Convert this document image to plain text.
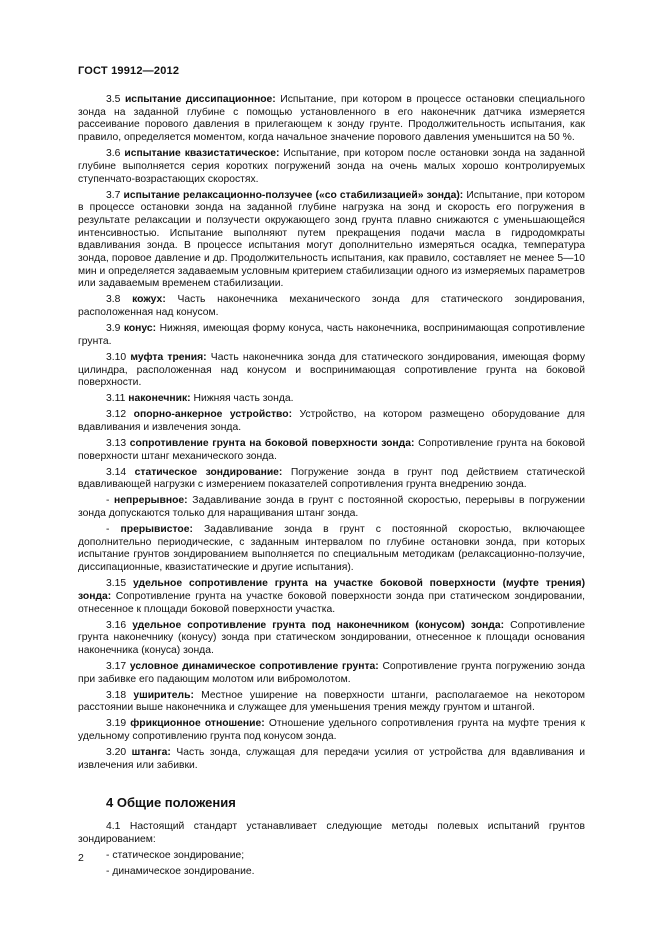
ГОСТ 19912—2012

3.5 испытание диссипационное: Испытание, при котором в процессе остановки специального зонда на заданной глубине с помощью установленного в его наконечник датчика измеряется рассеивание порового давления в прилегающем к зонду грунте. Продолжительность испытания, как правило, определяется моментом, когда начальное значение порового давления уменьшится на 50 %.

3.6 испытание квазистатическое: Испытание, при котором после остановки зонда на заданной глубине выполняется серия коротких погружений зонда на очень малых хорошо контролируемых ступенчато-возрастающих скоростях.

3.7 испытание релаксационно-ползучее («со стабилизацией» зонда): Испытание, при котором в процессе остановки зонда на заданной глубине нагрузка на зонд и скорость его погружения в результате релаксации и ползучести окружающего зонд грунта плавно снижаются с уменьшающейся интенсивностью. Испытание выполняют путем прекращения подачи масла в гидродомкраты вдавливания зонда. В процессе испытания могут дополнительно измеряться осадка, температура зонда, поровое давление и др. Продолжительность испытания, как правило, составляет не менее 5—10 мин и определяется задаваемым условным критерием стабилизации одного из измеряемых параметров или задаваемым временем стабилизации.

3.8 кожух: Часть наконечника механического зонда для статического зондирования, расположенная над конусом.

3.9 конус: Нижняя, имеющая форму конуса, часть наконечника, воспринимающая сопротивление грунта.

3.10 муфта трения: Часть наконечника зонда для статического зондирования, имеющая форму цилиндра, расположенная над конусом и воспринимающая сопротивление грунта на боковой поверхности.

3.11 наконечник: Нижняя часть зонда.

3.12 опорно-анкерное устройство: Устройство, на котором размещено оборудование для вдавливания и извлечения зонда.

3.13 сопротивление грунта на боковой поверхности зонда: Сопротивление грунта на боковой поверхности штанг механического зонда.

3.14 статическое зондирование: Погружение зонда в грунт под действием статической вдавливающей нагрузки с измерением показателей сопротивления грунта внедрению зонда.

- непрерывное: Задавливание зонда в грунт с постоянной скоростью, перерывы в погружении зонда допускаются только для наращивания штанг зонда.

- прерывистое: Задавливание зонда в грунт с постоянной скоростью, включающее дополнительно периодические, с заданным интервалом по глубине остановки зонда, при которых испытание грунтов зондированием выполняется по специальным методикам (релаксационно-ползучие, диссипационные, квазистатические и другие испытания).

3.15 удельное сопротивление грунта на участке боковой поверхности (муфте трения) зонда: Сопротивление грунта на участке боковой поверхности зонда при статическом зондировании, отнесенное к площади боковой поверхности участка.

3.16 удельное сопротивление грунта под наконечником (конусом) зонда: Сопротивление грунта наконечнику (конусу) зонда при статическом зондировании, отнесенное к площади основания наконечника (конуса) зонда.

3.17 условное динамическое сопротивление грунта: Сопротивление грунта погружению зонда при забивке его падающим молотом или вибромолотом.

3.18 уширитель: Местное уширение на поверхности штанги, располагаемое на некотором расстоянии выше наконечника и служащее для уменьшения трения между грунтом и штангой.

3.19 фрикционное отношение: Отношение удельного сопротивления грунта на муфте трения к удельному сопротивлению грунта под конусом зонда.

3.20 штанга: Часть зонда, служащая для передачи усилия от устройства для вдавливания и извлечения или забивки.

4 Общие положения
4.1 Настоящий стандарт устанавливает следующие методы полевых испытаний грунтов зондированием:
- статическое зондирование;
- динамическое зондирование.
2
